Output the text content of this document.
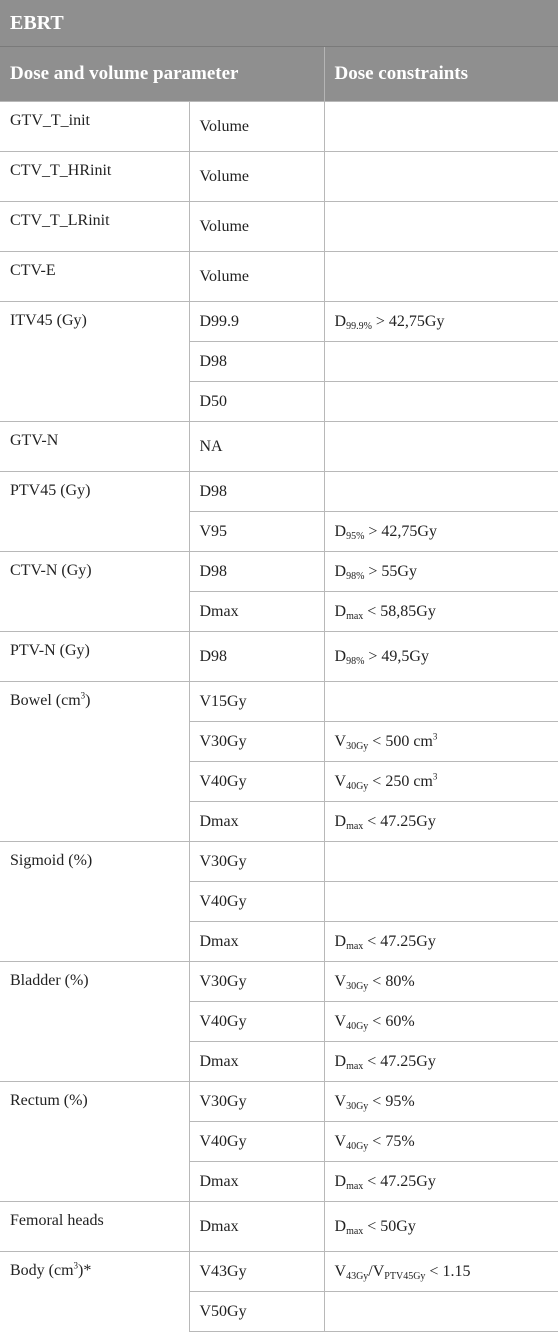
EBRT		
Dose and volume parameter		Dose constraints
GTV_T_init	Volume	
CTV_T_HRinit	Volume	
CTV_T_LRinit	Volume	
CTV-E	Volume	
ITV45 (Gy)	D99.9	$D_{99.9\%} > 42,75Gy$
	D98	
	D50	
GTV-N	NA	
PTV45 (Gy)	D98	
	V95	$D_{95\%} > 42,75Gy$
CTV-N (Gy)	D98	$D_{98\%} > 55Gy$
	Dmax	$D_{max} < 58,85Gy$
PTV-N (Gy)	D98	$D_{98\%} > 49,5Gy$
Bowel $(cm^3)$	V15Gy	
	V30Gy	$V_{30Gy} < 500$ $cm^3$
	V40Gy	$V_{40Gy} < 250$ $cm^3$
	Dmax	$D_{max} < 47.25Gy$
Sigmoid (%)	V30Gy	
	V40Gy	
	Dmax	$D_{max} < 47.25Gy$
Bladder (%)	V30Gy	$V_{30Gy} < 80\%$
	V40Gy	$V_{40Gy} < 60\%$
	Dmax	$D_{max} < 47.25Gy$
Rectum (%)	V30Gy	$V_{30Gy} < 95\%$
	V40Gy	$V_{40Gy} < 75\%$
	Dmax	$D_{max} < 47.25Gy$
Femoral heads	Dmax	$D_{max} < 50Gy$
Body $(cm^3)*$	V43Gy	$V_{43Gy}/V_{PTV45Gy} < 1.15$
	V50Gy	
